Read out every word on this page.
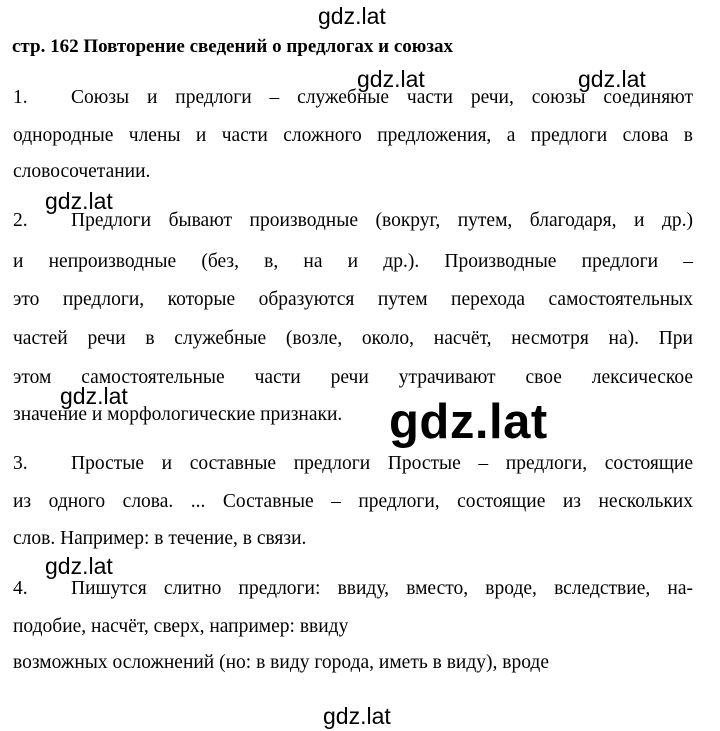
gdz.lat
gdz.lat	gdz.lat
gdz.lat
gdz.lat	gdz.lat
gdz.lat
gdz.lat
стр. 162 Повторение сведений о предлогах и союзах
1. Союзы и предлоги – служебные части речи, союзы соединяют
однородные члены и части сложного предложения, а предлоги слова в
словосочетании.
2. Предлоги бывают производные (вокруг, путем, благодаря, и др.)
и непроизводные (без, в, на и др.). Производные предлоги –
это предлоги, которые образуются путем перехода самостоятельных
частей речи в служебные (возле, около, насчёт, несмотря на). При
этом самостоятельные части речи утрачивают свое лексическое
значение и морфологические признаки.
3. Простые и составные предлоги Простые – предлоги, состоящие
из одного слова. ... Составные – предлоги, состоящие из нескольких
слов. Например: в течение, в связи.
4. Пишутся слитно предлоги: ввиду, вместо, вроде, вследствие, на-
подобие, насчёт, сверх, например: ввиду
возможных осложнений (но: в виду города, иметь в виду), вроде
